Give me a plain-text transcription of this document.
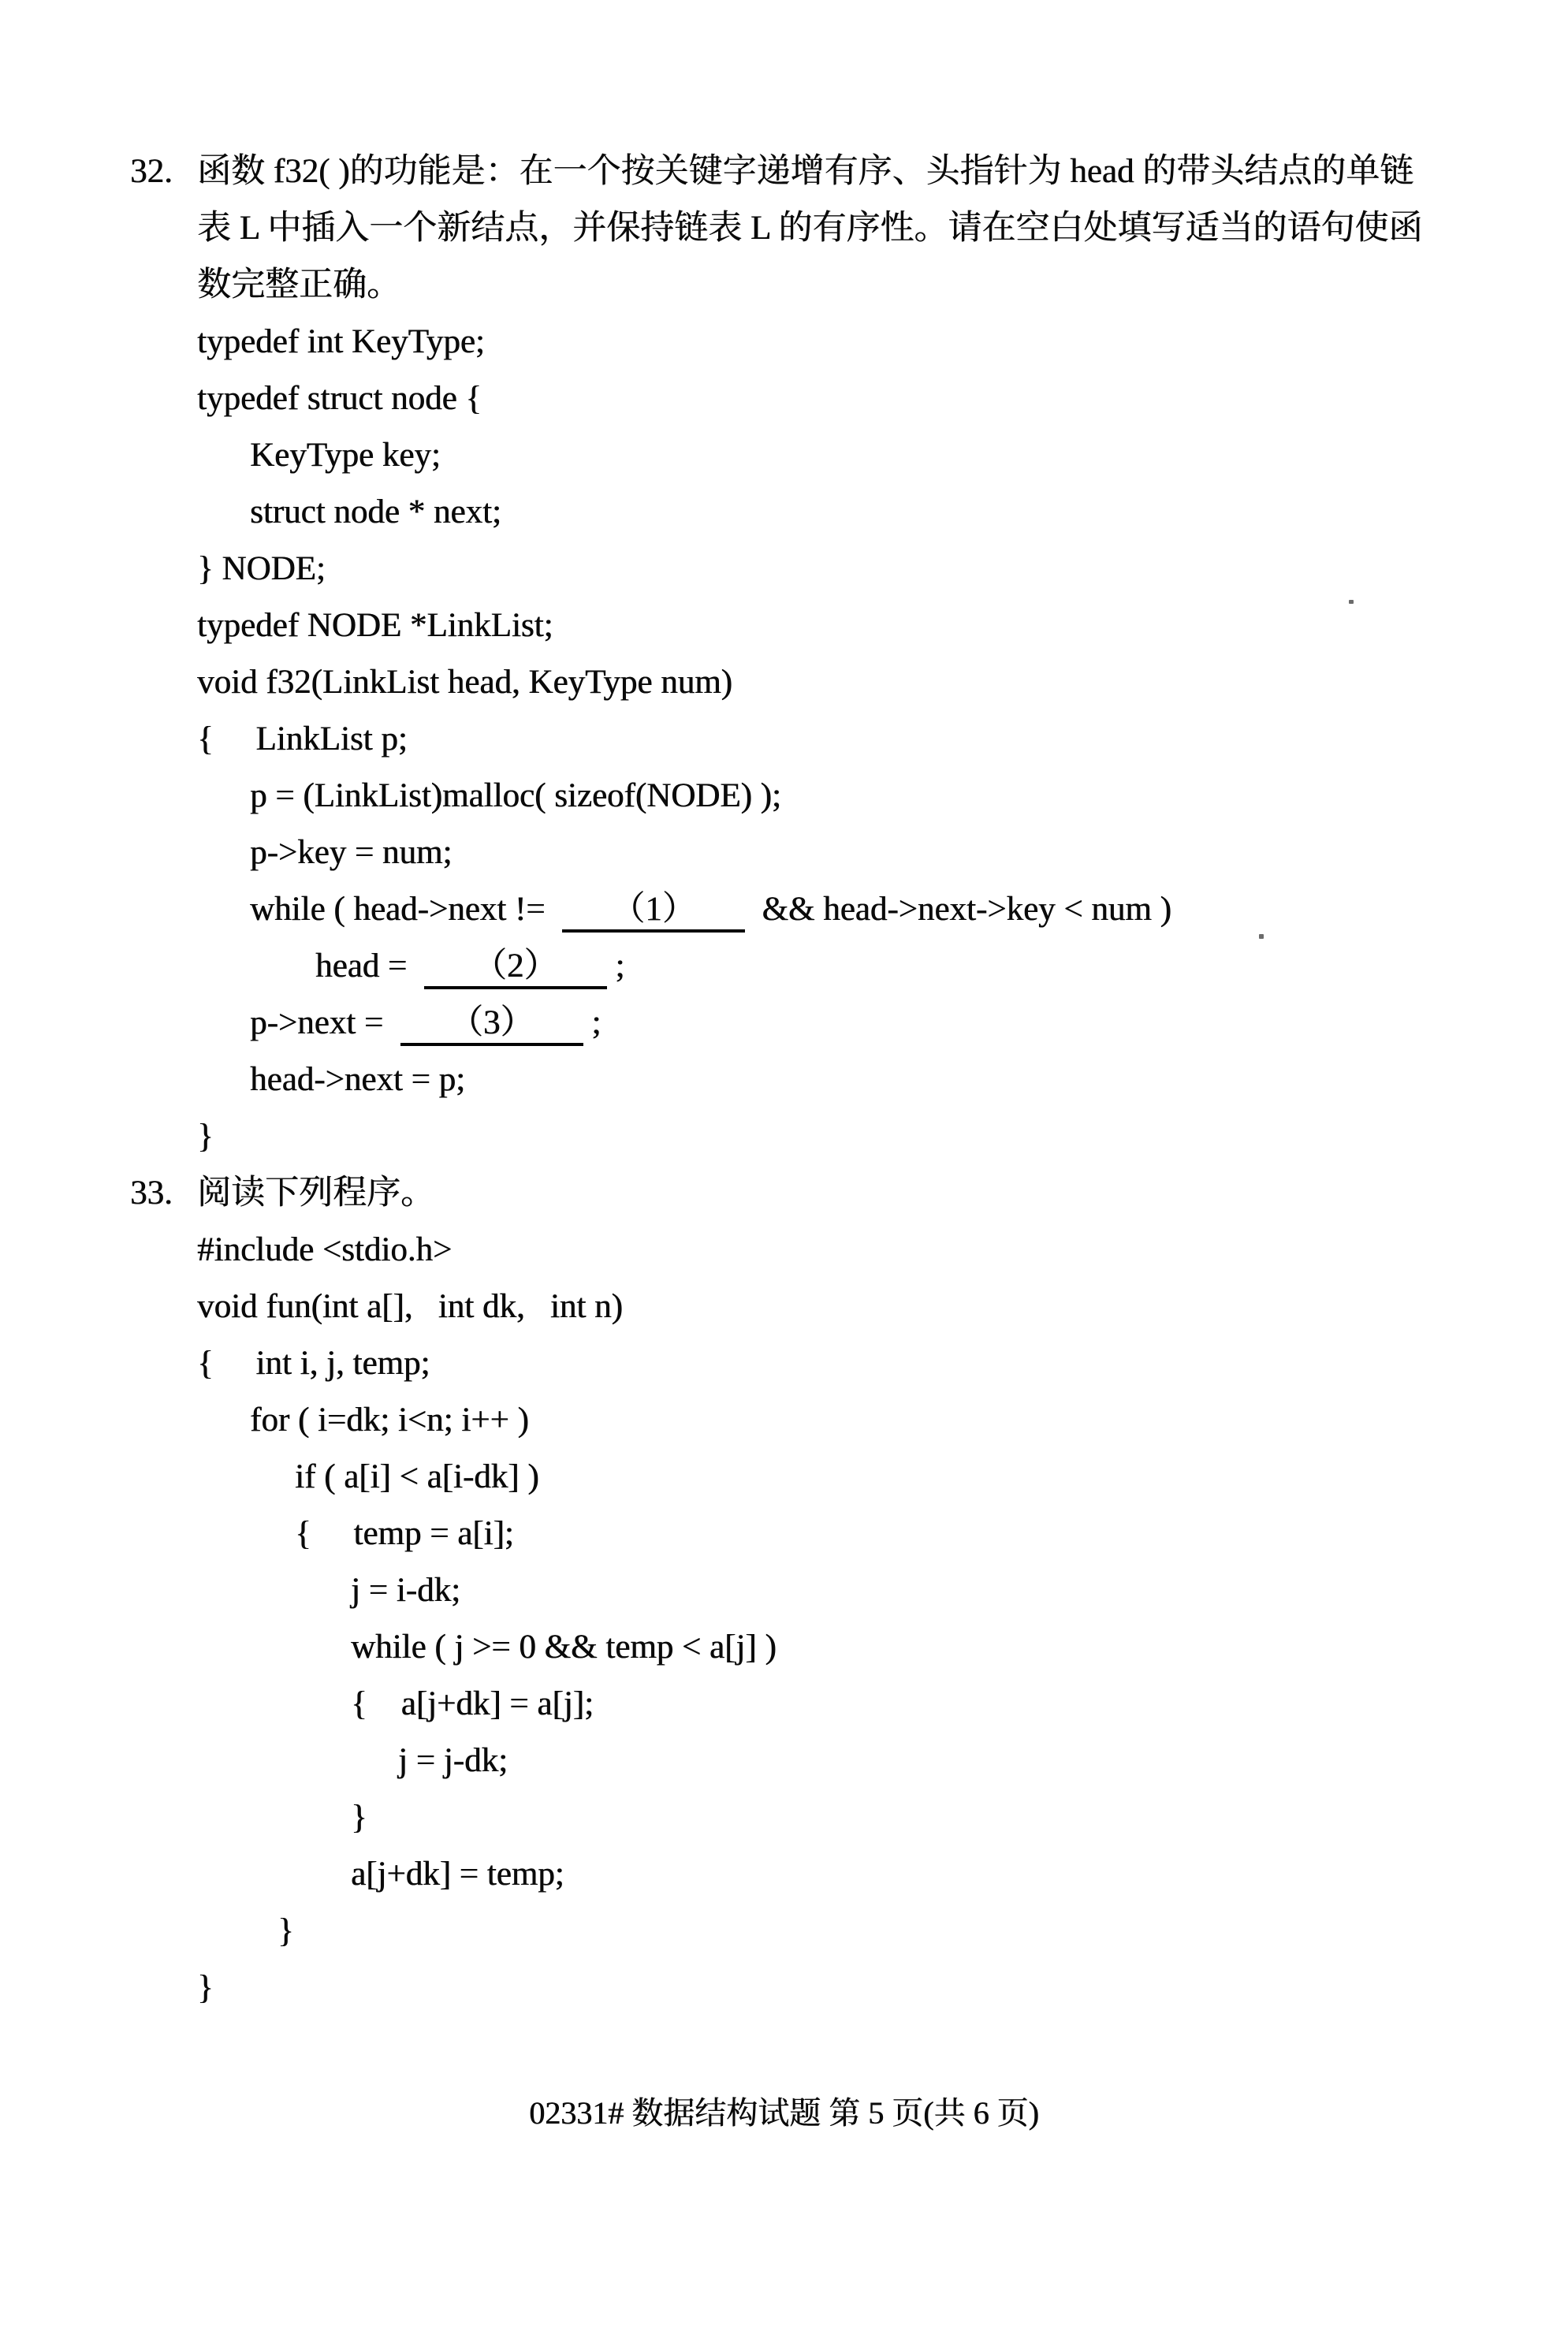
32. 函数 f32( )的功能是：在一个按关键字递增有序、头指针为 head 的带头结点的单链
表 L 中插入一个新结点，并保持链表 L 的有序性。请在空白处填写适当的语句使函
数完整正确。
typedef int KeyType;
typedef struct node {
KeyType key;
struct node * next;
} NODE;
typedef NODE *LinkList;
void f32(LinkList head, KeyType num)
{     LinkList p;
p = (LinkList)malloc( sizeof(NODE) );
p->key = num;
while ( head->next !=  （1）  && head->next->key < num )
head =  （2） ;
p->next =  （3） ;
head->next = p;
}
33. 阅读下列程序。
#include <stdio.h>
void fun(int a[],   int dk,   int n)
{     int i, j, temp;
for ( i=dk; i<n; i++ )
if ( a[i] < a[i-dk] )
{     temp = a[i];
j = i-dk;
while ( j >= 0 && temp < a[j] )
{    a[j+dk] = a[j];
j = j-dk;
}
a[j+dk] = temp;
}
}
02331# 数据结构试题 第 5 页(共 6 页)
